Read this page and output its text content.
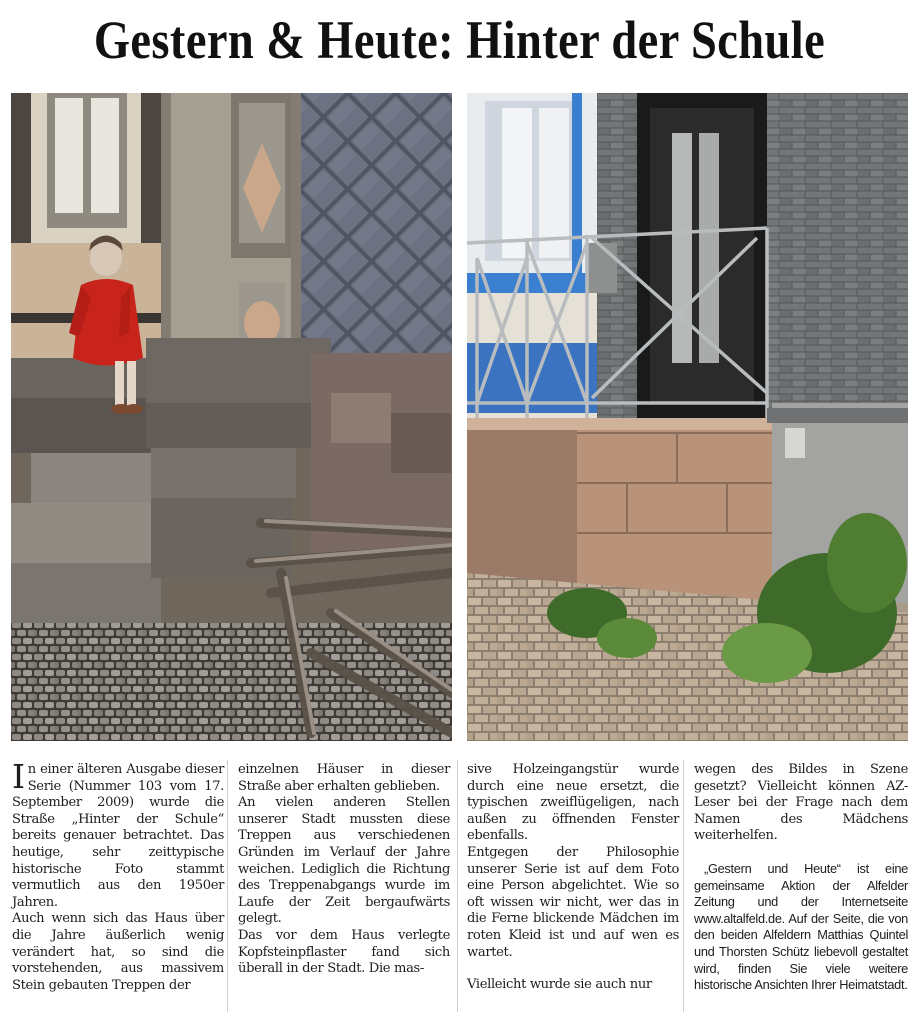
Gestern & Heute: Hinter der Schule

In einer älteren Ausgabe dieser Serie (Nummer 103 vom 17. September 2009) wurde die Straße „Hinter der Schule“ bereits genauer betrachtet. Das heutige, sehr zeittypische historische Foto stammt vermutlich aus den 1950er Jahren.

Auch wenn sich das Haus über die Jahre äußerlich wenig verändert hat, so sind die vorstehenden, aus massivem Stein gebauten Treppen der

einzelnen Häuser in dieser Straße aber erhalten geblieben.

An vielen anderen Stellen unserer Stadt mussten diese Treppen aus verschiedenen Gründen im Verlauf der Jahre weichen. Lediglich die Richtung des Treppenabgangs wurde im Laufe der Zeit bergaufwärts gelegt.

Das vor dem Haus verlegte Kopfsteinpflaster fand sich überall in der Stadt. Die mas-

sive Holzeingangstür wurde durch eine neue ersetzt, die typischen zweiflügeligen, nach außen zu öffnenden Fenster ebenfalls.

Entgegen der Philosophie unserer Serie ist auf dem Foto eine Person abgelichtet. Wie so oft wissen wir nicht, wer das in die Ferne blickende Mädchen im roten Kleid ist und auf wen es wartet.

Vielleicht wurde sie auch nur

wegen des Bildes in Szene gesetzt? Vielleicht können AZ-Leser bei der Frage nach dem Namen des Mädchens weiterhelfen.

„Gestern und Heute“ ist eine gemeinsame Aktion der Alfelder Zeitung und der Internetseite www.altalfeld.de. Auf der Seite, die von den beiden Alfeldern Matthias Quintel und Thorsten Schütz liebevoll gestaltet wird, finden Sie viele weitere historische Ansichten Ihrer Heimatstadt.
